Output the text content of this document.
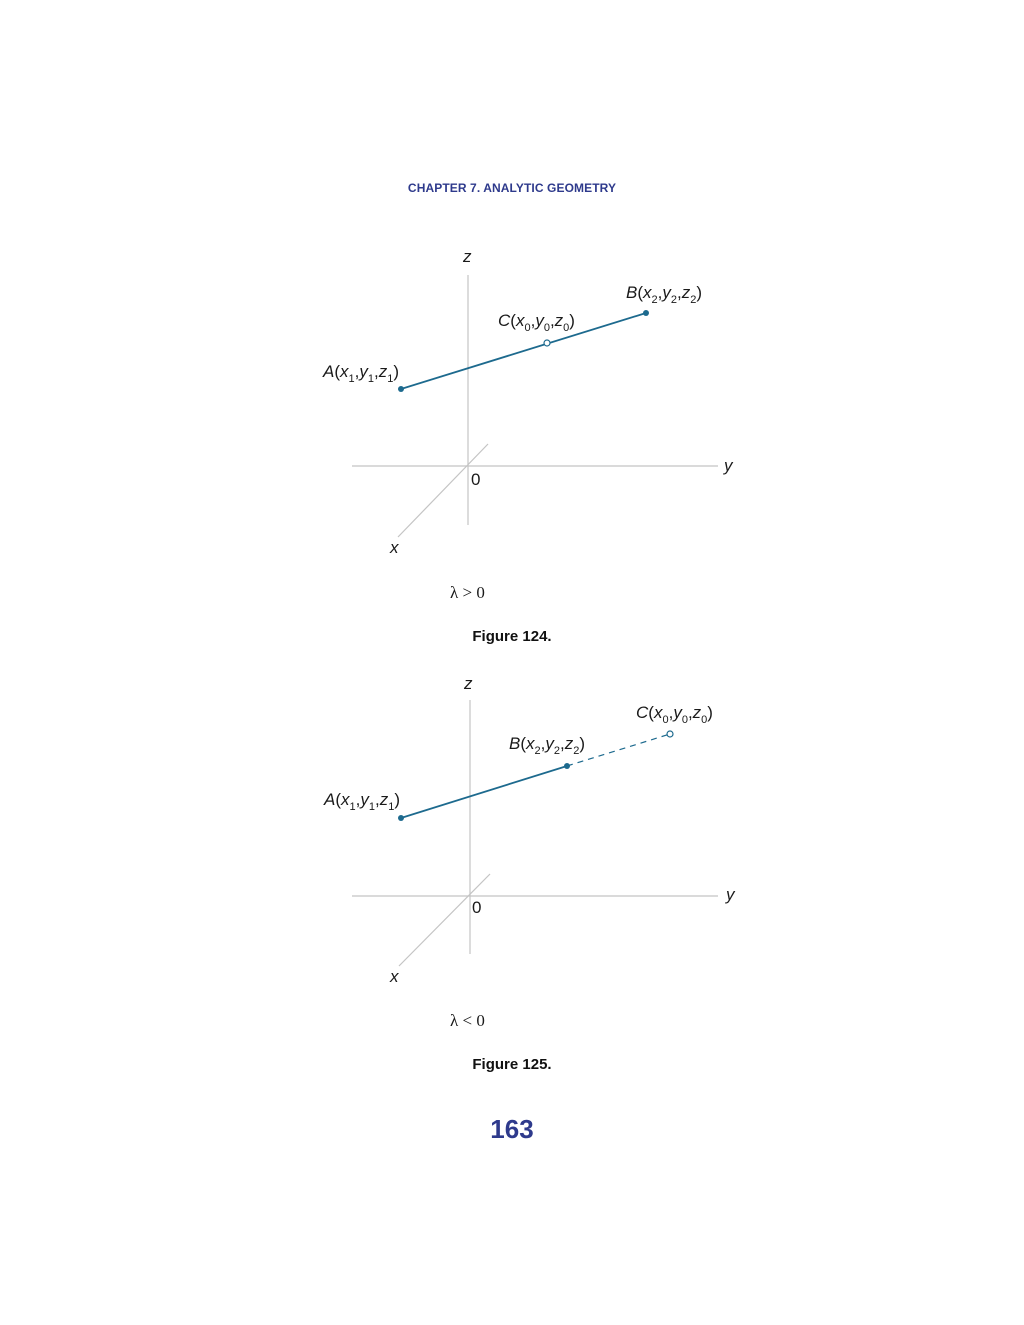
CHAPTER 7. ANALYTIC GEOMETRY
z
y
x
0
$A(x_1,y_1,z_1)$
$C(x_0,y_0,z_0)$
$B(x_2,y_2,z_2)$
λ > 0
Figure 124.
z
y
x
0
$A(x_1,y_1,z_1)$
$B(x_2,y_2,z_2)$
$C(x_0,y_0,z_0)$
λ < 0
Figure 125.
163
